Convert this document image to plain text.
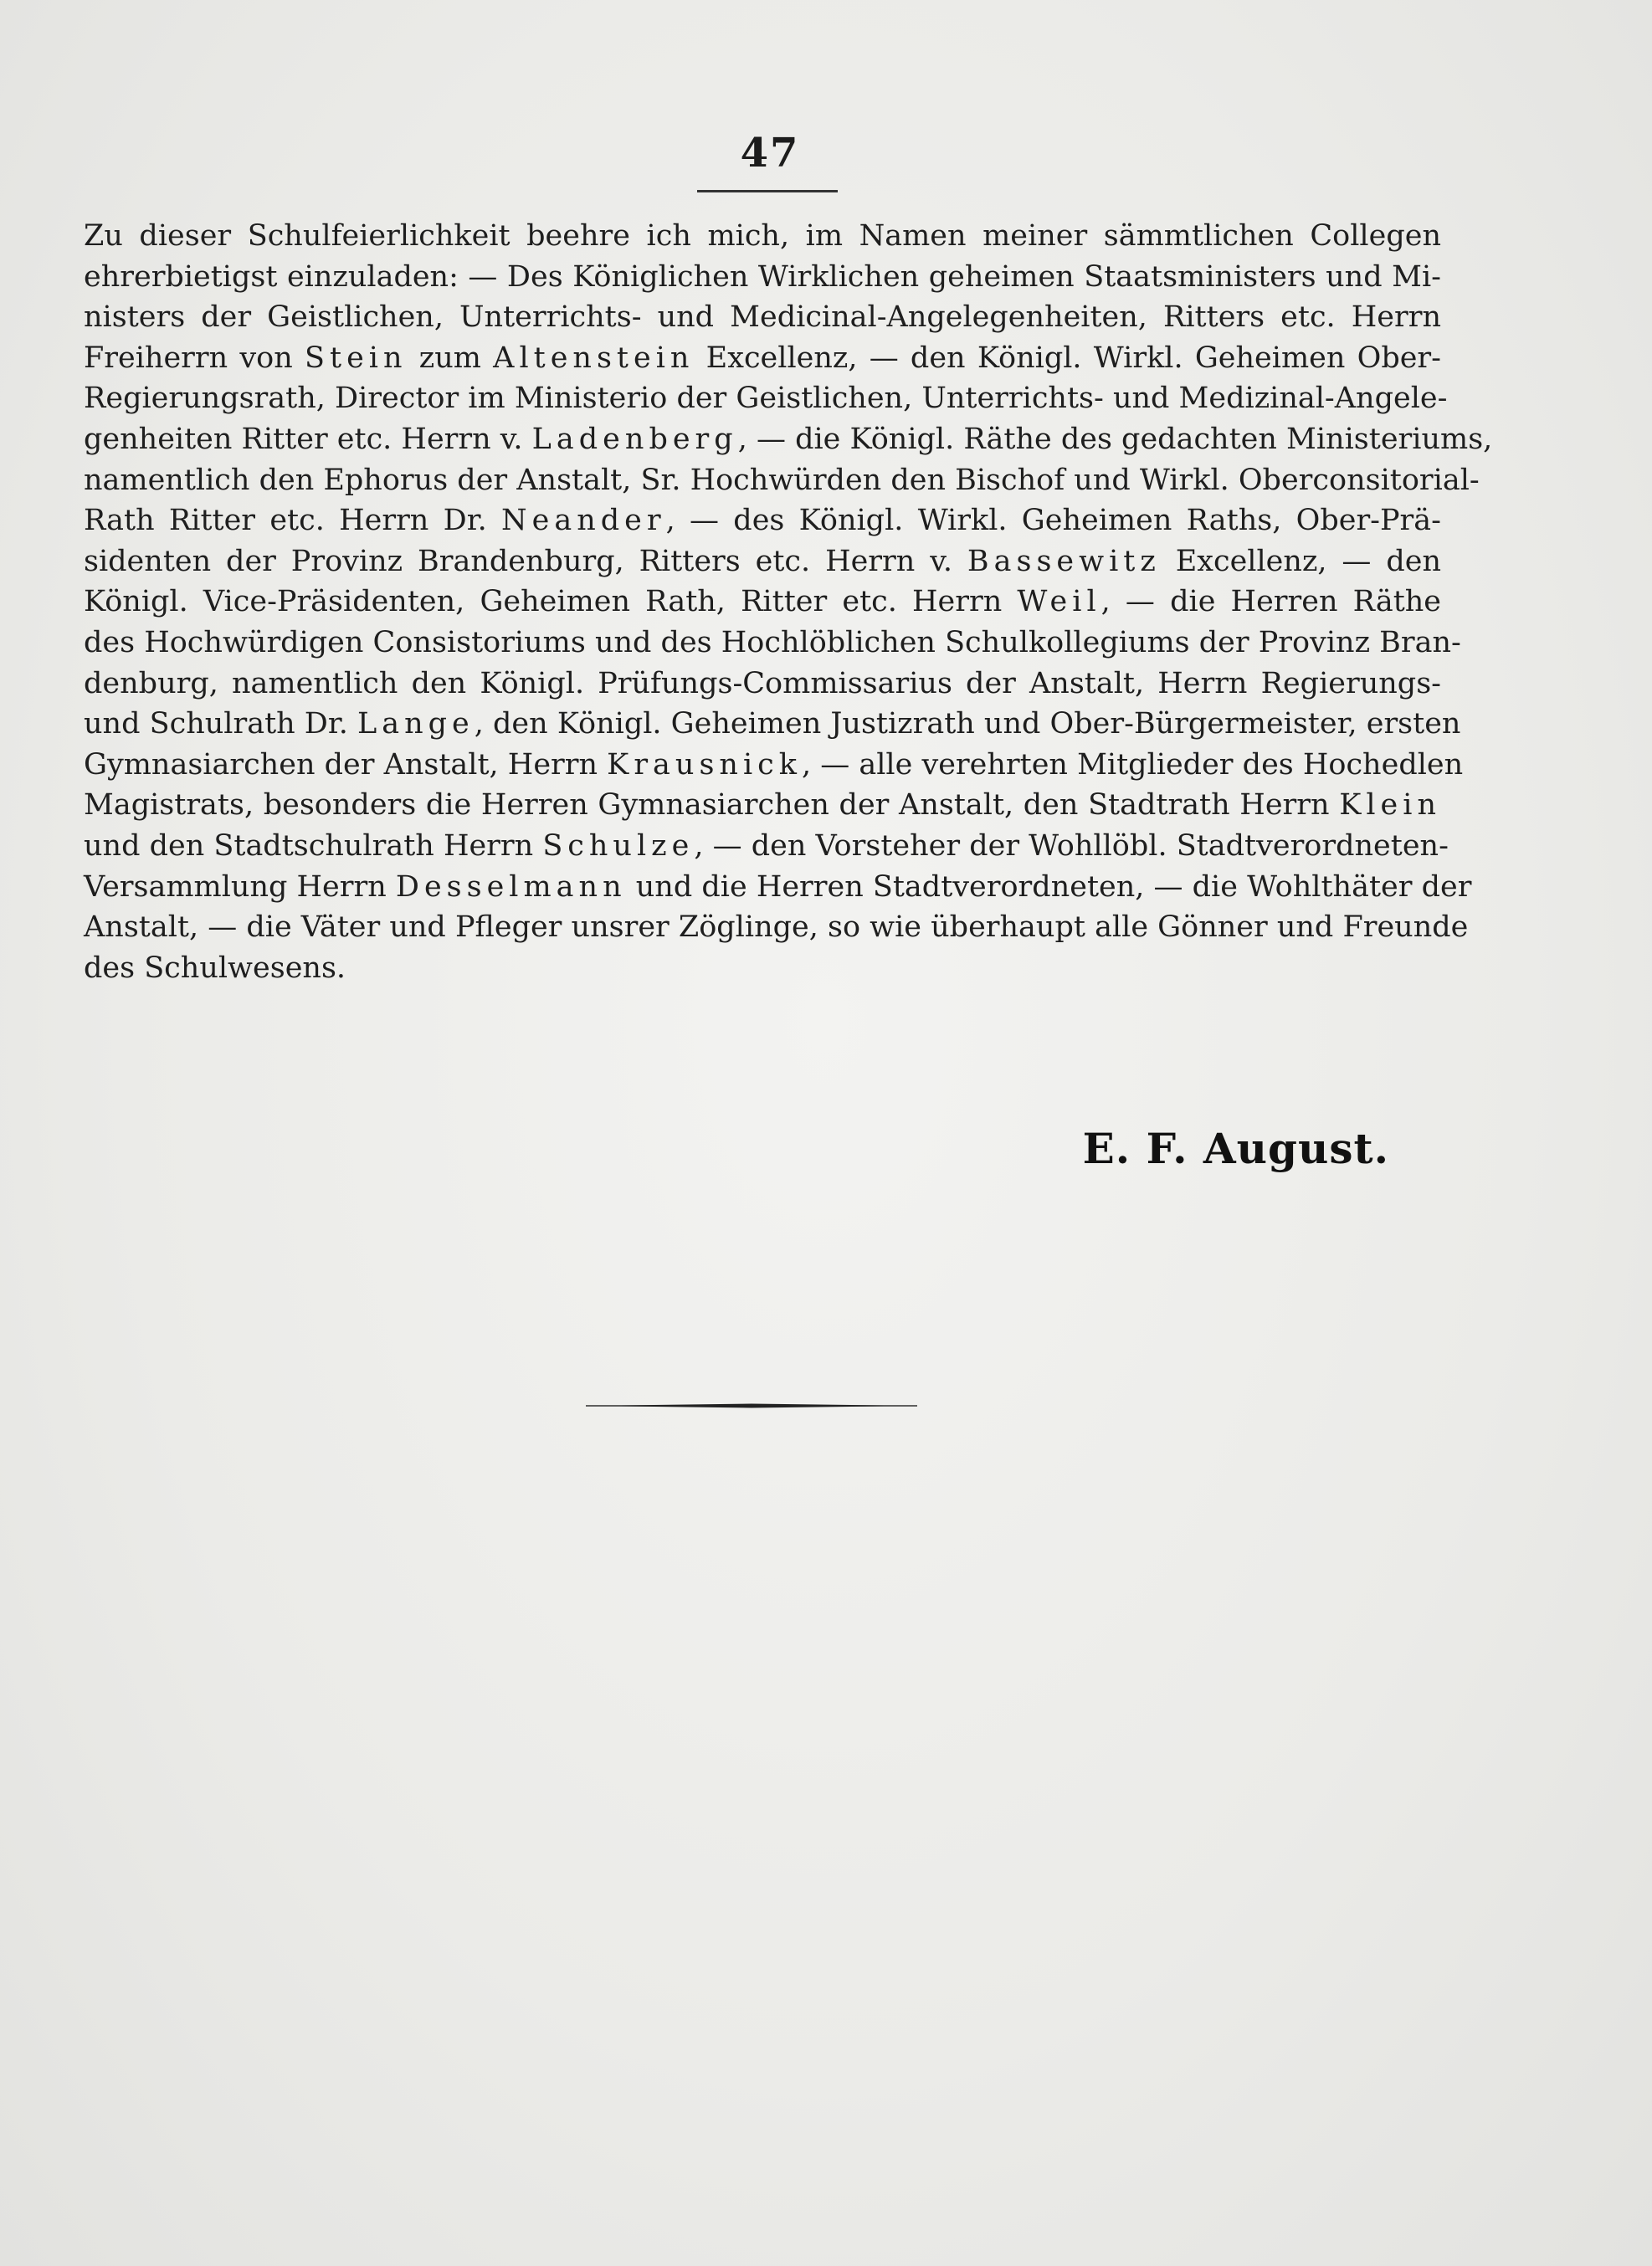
47
Zu dieser Schulfeierlichkeit beehre ich mich, im Namen meiner sämmtlichen Collegen
ehrerbietigst einzuladen: — Des Königlichen Wirklichen geheimen Staatsministers und Mi-
nisters der Geistlichen, Unterrichts- und Medicinal-Angelegenheiten, Ritters etc. Herrn
Freiherrn von Stein zum Altenstein Excellenz, — den Königl. Wirkl. Geheimen Ober-
Regierungsrath, Director im Ministerio der Geistlichen, Unterrichts- und Medizinal-Angele-
genheiten Ritter etc. Herrn v. Ladenberg, — die Königl. Räthe des gedachten Ministeriums,
namentlich den Ephorus der Anstalt, Sr. Hochwürden den Bischof und Wirkl. Oberconsitorial-
Rath Ritter etc. Herrn Dr. Neander, — des Königl. Wirkl. Geheimen Raths, Ober-Prä-
sidenten der Provinz Brandenburg, Ritters etc. Herrn v. Bassewitz Excellenz, — den
Königl. Vice-Präsidenten, Geheimen Rath, Ritter etc. Herrn Weil, — die Herren Räthe
des Hochwürdigen Consistoriums und des Hochlöblichen Schulkollegiums der Provinz Bran-
denburg, namentlich den Königl. Prüfungs-Commissarius der Anstalt, Herrn Regierungs-
und Schulrath Dr. Lange, den Königl. Geheimen Justizrath und Ober-Bürgermeister, ersten
Gymnasiarchen der Anstalt, Herrn Krausnick, — alle verehrten Mitglieder des Hochedlen
Magistrats, besonders die Herren Gymnasiarchen der Anstalt, den Stadtrath Herrn Klein
und den Stadtschulrath Herrn Schulze, — den Vorsteher der Wohllöbl. Stadtverordneten-
Versammlung Herrn Desselmann und die Herren Stadtverordneten, — die Wohlthäter der
Anstalt, — die Väter und Pfleger unsrer Zöglinge, so wie überhaupt alle Gönner und Freunde
des Schulwesens.
E. F. August.
